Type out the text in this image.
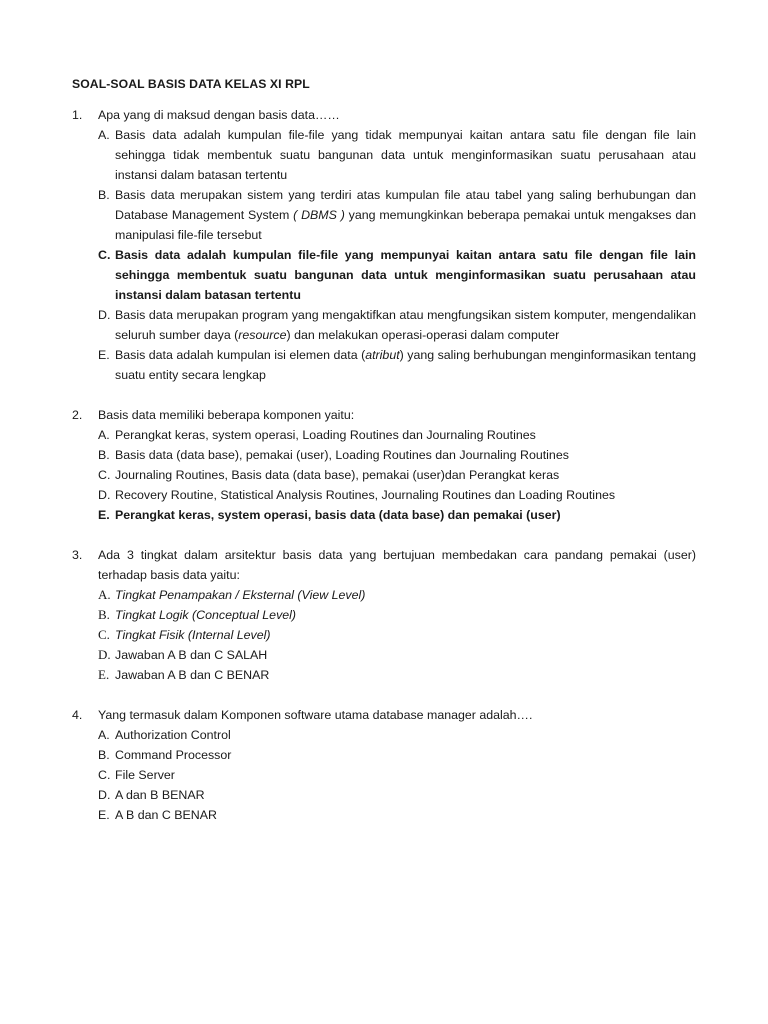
SOAL-SOAL BASIS DATA KELAS XI RPL
1.	Apa yang di maksud dengan basis data……
A. Basis data adalah kumpulan file-file yang tidak mempunyai kaitan antara satu file dengan file lain sehingga tidak membentuk suatu bangunan data untuk menginformasikan suatu perusahaan atau instansi dalam batasan tertentu
B. Basis data merupakan sistem yang terdiri atas kumpulan file atau tabel yang saling berhubungan dan Database Management System ( DBMS ) yang memungkinkan beberapa pemakai untuk mengakses dan manipulasi file-file tersebut
C. Basis data adalah kumpulan file-file yang mempunyai kaitan antara satu file dengan file lain sehingga membentuk suatu bangunan data untuk menginformasikan suatu perusahaan atau instansi dalam batasan tertentu
D. Basis data merupakan program yang mengaktifkan atau mengfungsikan sistem komputer, mengendalikan seluruh sumber daya (resource) dan melakukan operasi-operasi dalam computer
E. Basis data adalah kumpulan isi elemen data (atribut) yang saling berhubungan menginformasikan tentang suatu entity secara lengkap
2.	Basis data memiliki beberapa komponen yaitu:
A. Perangkat keras, system operasi, Loading Routines dan Journaling Routines
B. Basis data (data base), pemakai (user), Loading Routines dan Journaling Routines
C. Journaling Routines, Basis data (data base), pemakai (user)dan Perangkat keras
D. Recovery Routine, Statistical Analysis Routines, Journaling Routines dan Loading Routines
E. Perangkat keras, system operasi, basis data (data base) dan pemakai (user)
3.	Ada 3 tingkat dalam arsitektur basis data yang bertujuan membedakan cara pandang pemakai (user) terhadap basis data yaitu:
A. Tingkat Penampakan / Eksternal (View Level)
B. Tingkat Logik (Conceptual Level)
C. Tingkat Fisik (Internal Level)
D. Jawaban A B dan C SALAH
E. Jawaban A B dan C BENAR
4.	Yang termasuk dalam Komponen software utama database manager adalah….
A. Authorization Control
B. Command Processor
C. File Server
D. A dan B BENAR
E. A B dan C BENAR
